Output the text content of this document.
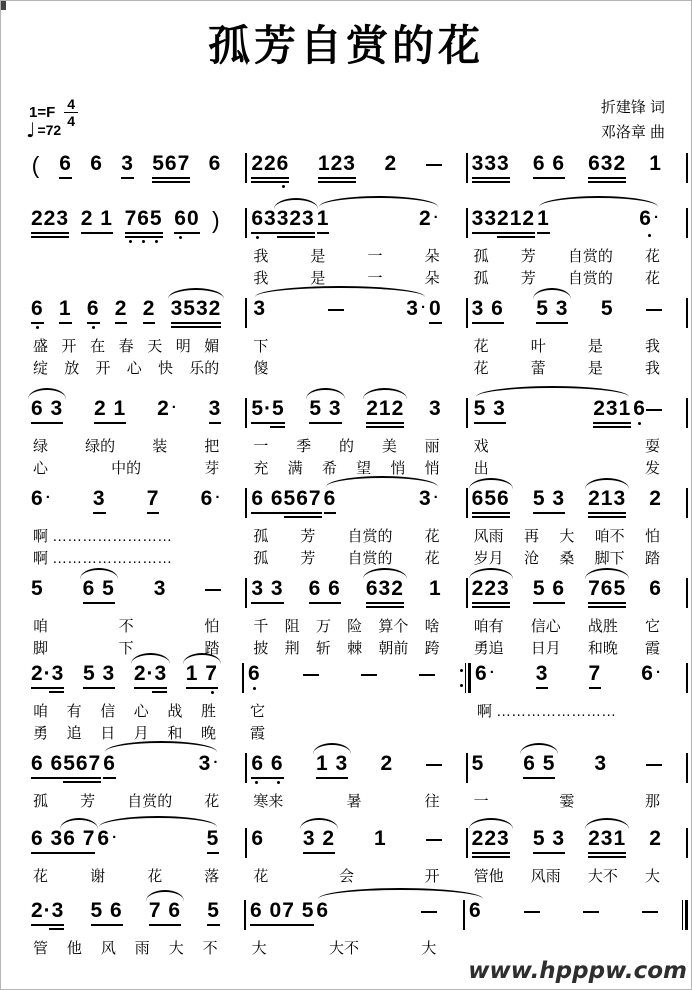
孤芳自赏的花
$1=F \frac{4}{4}$
♩ =72
折建锋 词
邓洛章 曲
( 6 6 3 567 6 226 123 2	333 6 6 632 1
223 2 1 765 60 ) 6 3 323 1	2 · 3 3 212 1	6 ·
我	是	一	朵 孤 芳 自赏的 花
我	是	一	朵 孤 芳 自赏的 花
6 1 6 2 2 3532 3	3 · 0 3 6 5 3 5
盛 开 在 春 天 明 媚 下	花	叶	是	我
绽 放 开 心 快 乐的 傻	花	蕾	是	我
6 3 2 1 2 · 3 5·5 5 3 212 3 5 3	231 6
绿 绿的 装 把 一 季 的 美 丽 戏	耍
心	中的	芽 充 满 希 望 悄 悄 出	发
6 · 3 7 6 · 6 6 567 6	3 · 656 5 3 213 2
啊 ……………………	孤 芳 自赏的 花 风雨 再 大 咱不 怕
啊 ……………………	孤 芳 自赏的 花 岁月 沧 桑 脚下 踏
5 6 5 3	3 3 6 6 632 1 223 5 6 765 6
咱	不	怕 千 阻 万 险 算个 啥 咱有 信心 战胜 它
脚	下	踏 披 荆 斩 棘 朝前 跨 勇追 日月 和晚 霞
2·3 5 3 2·3 1 7 6	6 · 3 7 6 ·
咱 有 信 心 战 胜 它	啊 ……………………
勇 追 日 月 和 晚 霞
6 6 567 6	3 · 6 6 1 3 2	5 6 5 3
孤 芳 自赏的 花 寒来	暑	往 一	霎	那
6 3 6 7 6 ·	5 6 3 2 1	223 5 3 231 2
花	谢	花	落 花	会	开 管他 风雨 大不 大
2·3 5 6 7 6 5 6 0 7 5 6	6
管 他 风 雨 大 不 大	大不	大
www.hpppw.com
